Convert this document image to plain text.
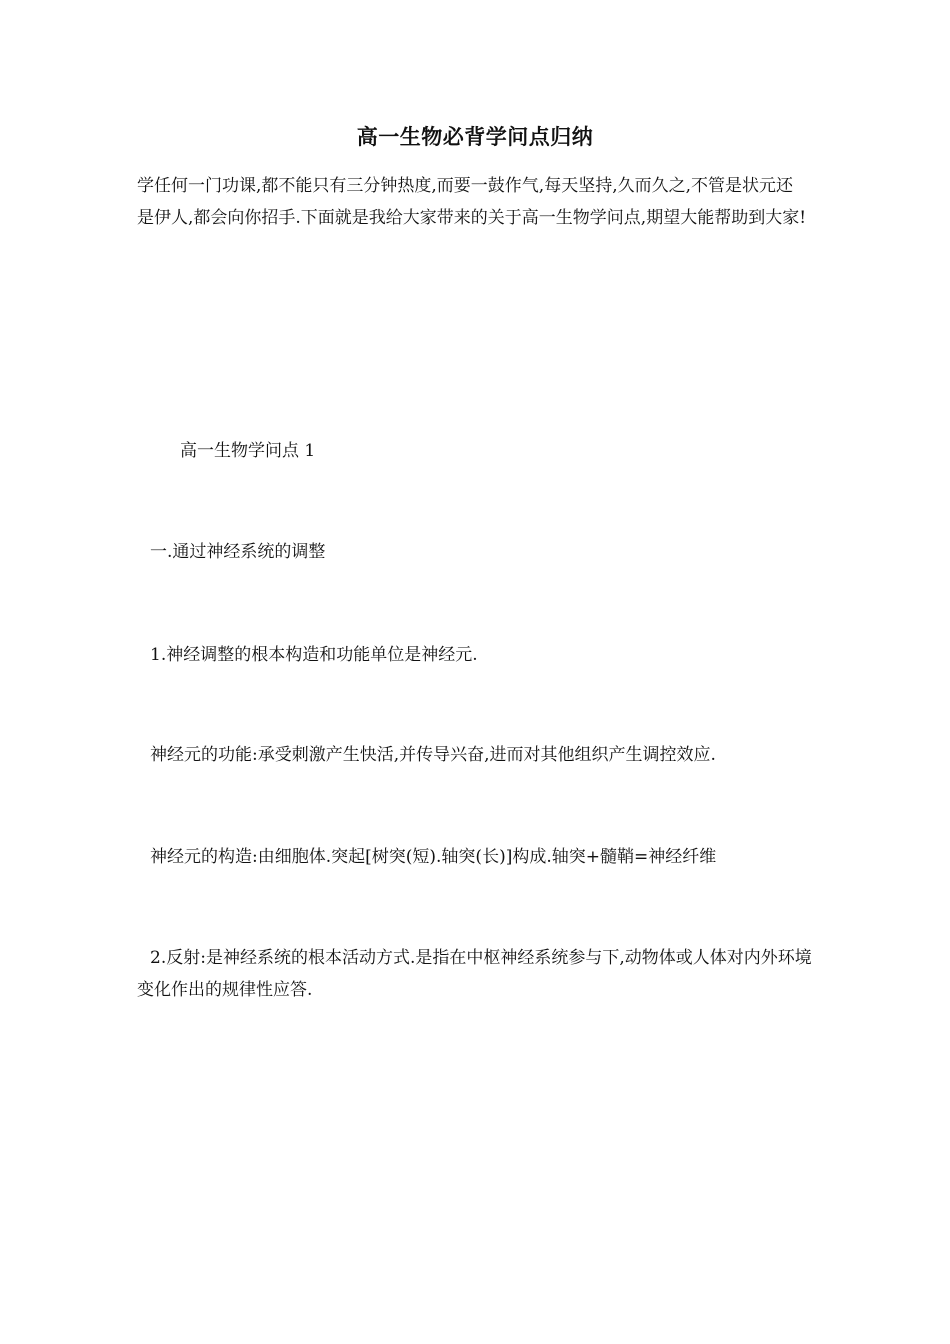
高一生物必背学问点归纳

学任何一门功课,都不能只有三分钟热度,而要一鼓作气,每天坚持,久而久之,不管是状元还是伊人,都会向你招手.下面就是我给大家带来的关于高一生物学问点,期望大能帮助到大家!

高一生物学问点 1

一.通过神经系统的调整

1.神经调整的根本构造和功能单位是神经元.

神经元的功能:承受刺激产生快活,并传导兴奋,进而对其他组织产生调控效应.

神经元的构造:由细胞体.突起[树突(短).轴突(长)]构成.轴突+髓鞘=神经纤维

2.反射:是神经系统的根本活动方式.是指在中枢神经系统参与下,动物体或人体对内外环境变化作出的规律性应答.
